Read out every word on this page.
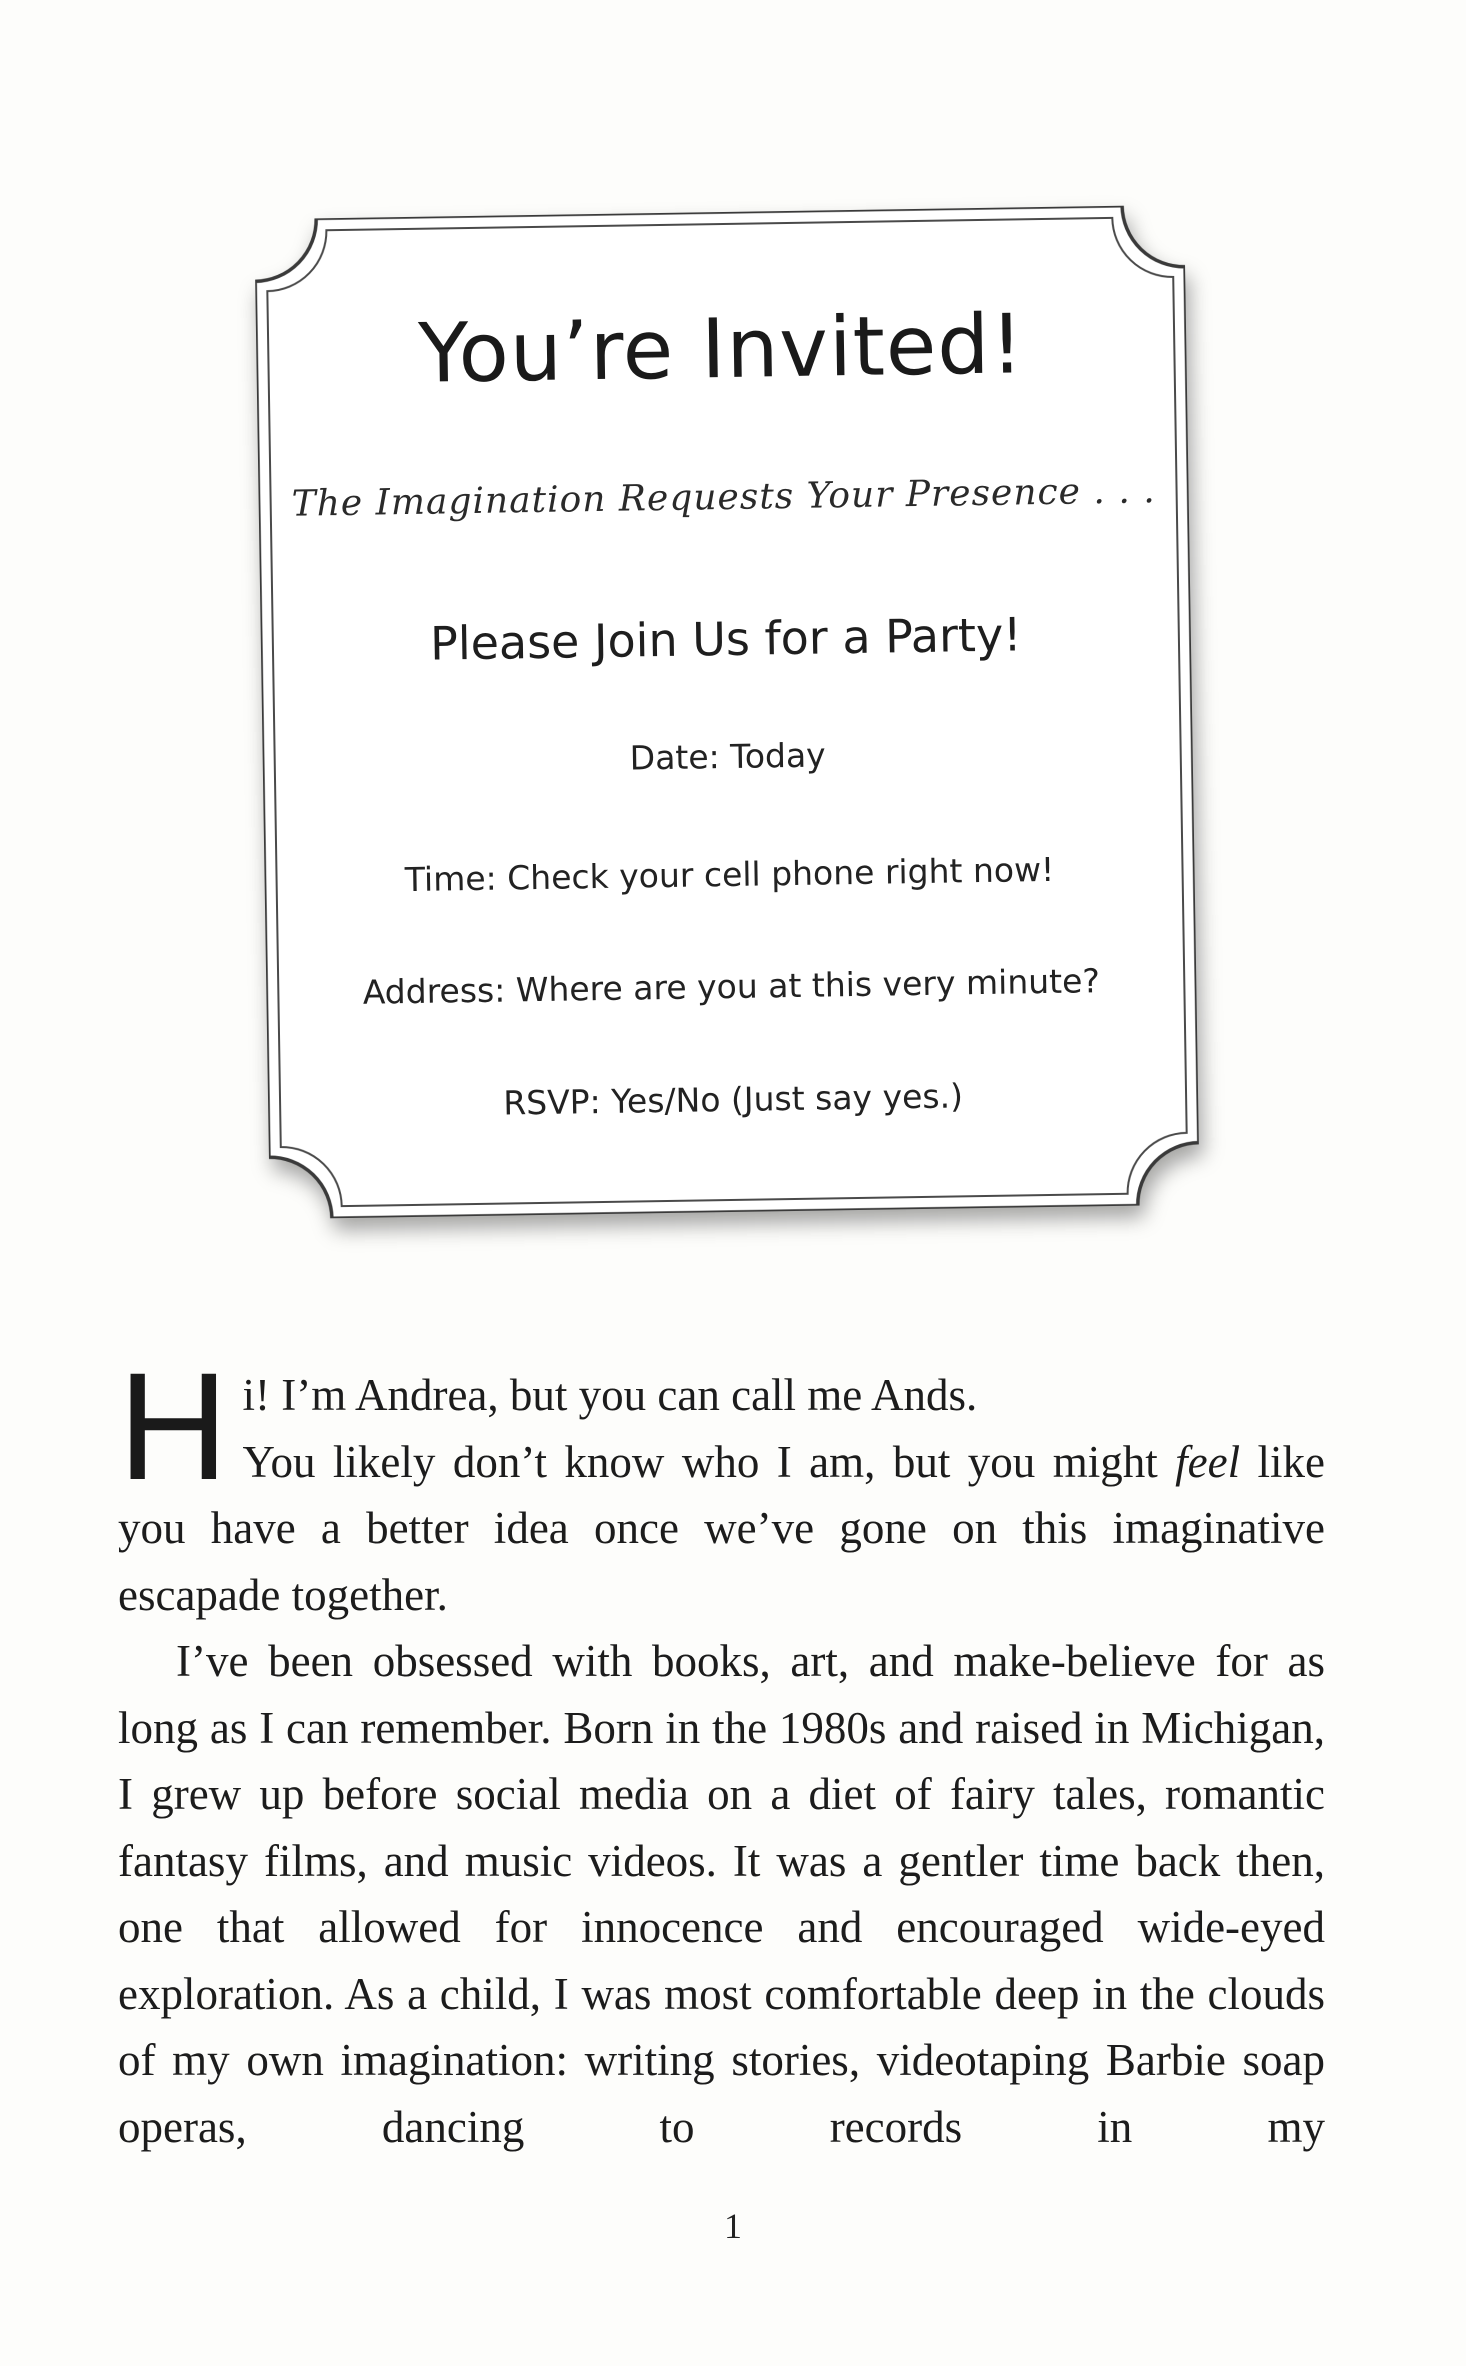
You’re Invited!
The Imagination Requests Your Presence . . .
Please Join Us for a Party!
Date: Today
Time: Check your cell phone right now!
Address: Where are you at this very minute?
RSVP: Yes/No (Just say yes.)

Hi! I’m Andrea, but you can call me Ands.
You likely don’t know who I am, but you might feel like you have a better idea once we’ve gone on this imaginative escapade together.

I’ve been obsessed with books, art, and make-believe for as long as I can remember. Born in the 1980s and raised in Michigan, I grew up before social media on a diet of fairy tales, romantic fantasy films, and music videos. It was a gentler time back then, one that allowed for innocence and encouraged wide-eyed exploration. As a child, I was most comfortable deep in the clouds of my own imagination: writing stories, videotaping Barbie soap operas, dancing to records in my

1
